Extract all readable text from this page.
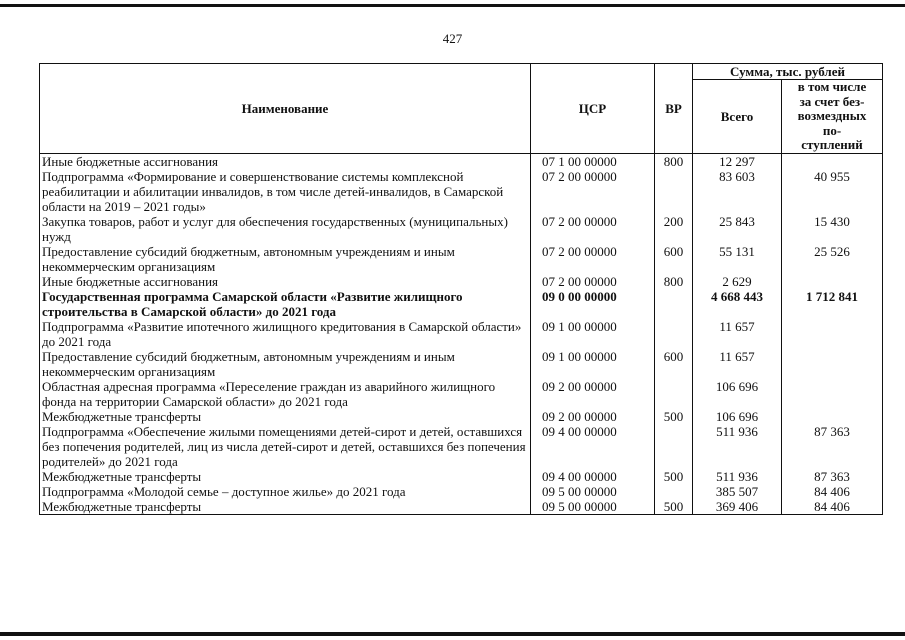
427
Наименование	ЦСР	ВР	Сумма, тыс. рублей	
			Всего	в том числе
за счет без-
возмездных
по-
ступлений

Иные бюджетные ассигнования	07 1 00 00000	800	12 297	
Подпрограмма «Формирование и совершенствование системы комплексной реабилитации и абилитации инвалидов, в том числе детей-инвалидов, в Самарской области на 2019 – 2021 годы»	07 2 00 00000		83 603	40 955
Закупка товаров, работ и услуг для обеспечения государственных (муниципальных) нужд	07 2 00 00000	200	25 843	15 430
Предоставление субсидий бюджетным, автономным учреждениям и иным некоммерческим организациям	07 2 00 00000	600	55 131	25 526
Иные бюджетные ассигнования	07 2 00 00000	800	2 629	
Государственная программа Самарской области «Развитие жилищного строительства в Самарской области» до 2021 года	09 0 00 00000		4 668 443	1 712 841
Подпрограмма «Развитие ипотечного жилищного кредитования в Самарской области» до 2021 года	09 1 00 00000		11 657	
Предоставление субсидий бюджетным, автономным учреждениям и иным некоммерческим организациям	09 1 00 00000	600	11 657	
Областная адресная программа «Переселение граждан из аварийного жилищного фонда на территории Самарской области» до 2021 года	09 2 00 00000		106 696	
Межбюджетные трансферты	09 2 00 00000	500	106 696	
Подпрограмма «Обеспечение жилыми помещениями детей-сирот и детей, оставшихся без попечения родителей, лиц из числа детей-сирот и детей, оставшихся без попечения родителей» до 2021 года	09 4 00 00000		511 936	87 363
Межбюджетные трансферты	09 4 00 00000	500	511 936	87 363
Подпрограмма «Молодой семье – доступное жилье» до 2021 года	09 5 00 00000		385 507	84 406
Межбюджетные трансферты	09 5 00 00000	500	369 406	84 406
